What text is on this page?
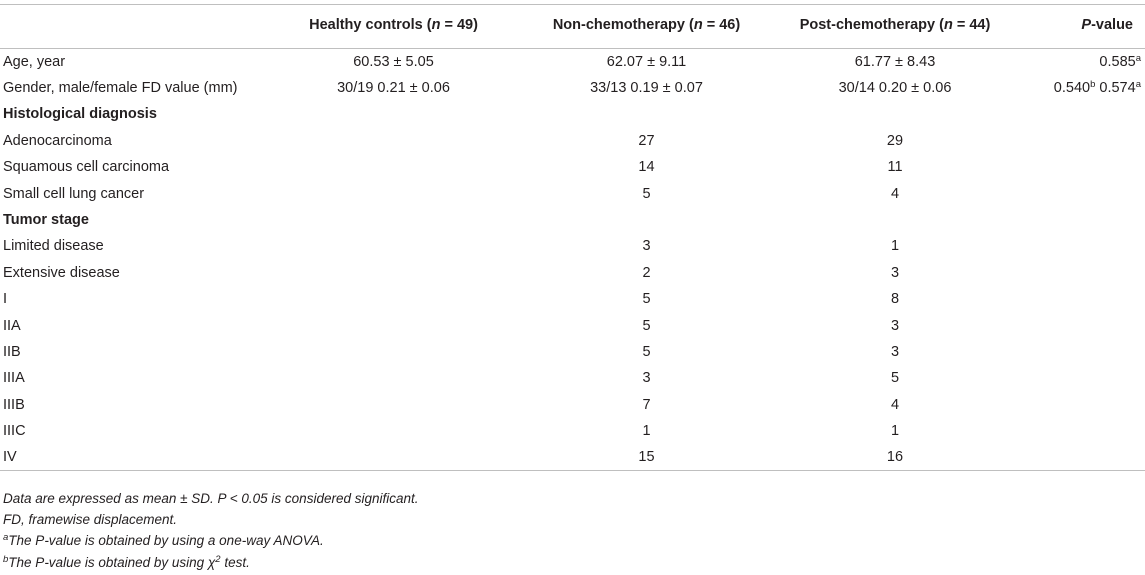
	Healthy controls (n = 49)	Non-chemotherapy (n = 46)	Post-chemotherapy (n = 44)	P-value
Age, year	60.53 ± 5.05	62.07 ± 9.11	61.77 ± 8.43	0.585$^a$
Gender, male/female FD value (mm)	30/19 0.21 ± 0.06	33/13 0.19 ± 0.07	30/14 0.20 ± 0.06	0.540$^b$ 0.574$^a$
Histological diagnosis				
Adenocarcinoma		27	29	
Squamous cell carcinoma		14	11	
Small cell lung cancer		5	4	
Tumor stage				
Limited disease		3	1	
Extensive disease		2	3	
I		5	8	
IIA		5	3	
IIB		5	3	
IIIA		3	5	
IIIB		7	4	
IIIC		1	1	
IV		15	16	
Data are expressed as mean ± SD. P < 0.05 is considered significant.
FD, framewise displacement.
$^a$The P-value is obtained by using a one-way ANOVA.
$^b$The P-value is obtained by using $\chi^2$ test.
